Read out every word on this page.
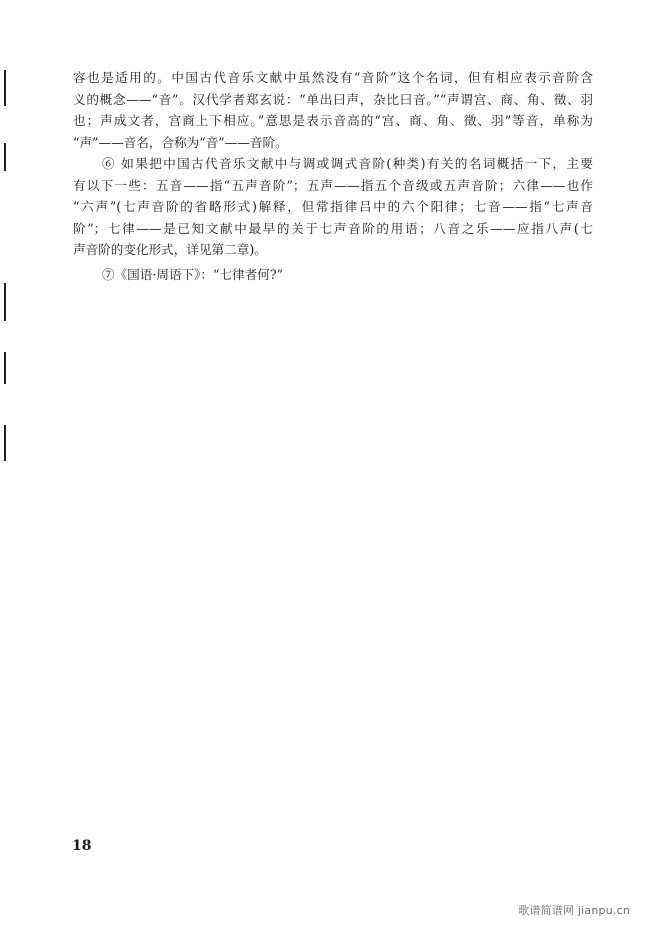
容也是适用的。中国古代音乐文献中虽然没有“音阶”这个名词，但有相应表示音阶含

义的概念——“音”。汉代学者郑玄说：“单出曰声，杂比曰音。”“声谓宫、商、角、徵、羽

也；声成文者，宫商上下相应。”意思是表示音高的“宫、商、角、徵、羽”等音，单称为

“声”——音名，合称为“音”——音阶。

⑥ 如果把中国古代音乐文献中与调或调式音阶(种类)有关的名词概括一下，主要

有以下一些：五音——指“五声音阶”；五声——指五个音级或五声音阶；六律——也作

“六声”(七声音阶的省略形式)解释，但常指律吕中的六个阳律；七音——指“七声音

阶”；七律——是已知文献中最早的关于七声音阶的用语；八音之乐——应指八声(七

声音阶的变化形式，详见第二章)。

⑦《国语·周语下》：“七律者何?”

18
歌谱简谱网 jianpu.cn
